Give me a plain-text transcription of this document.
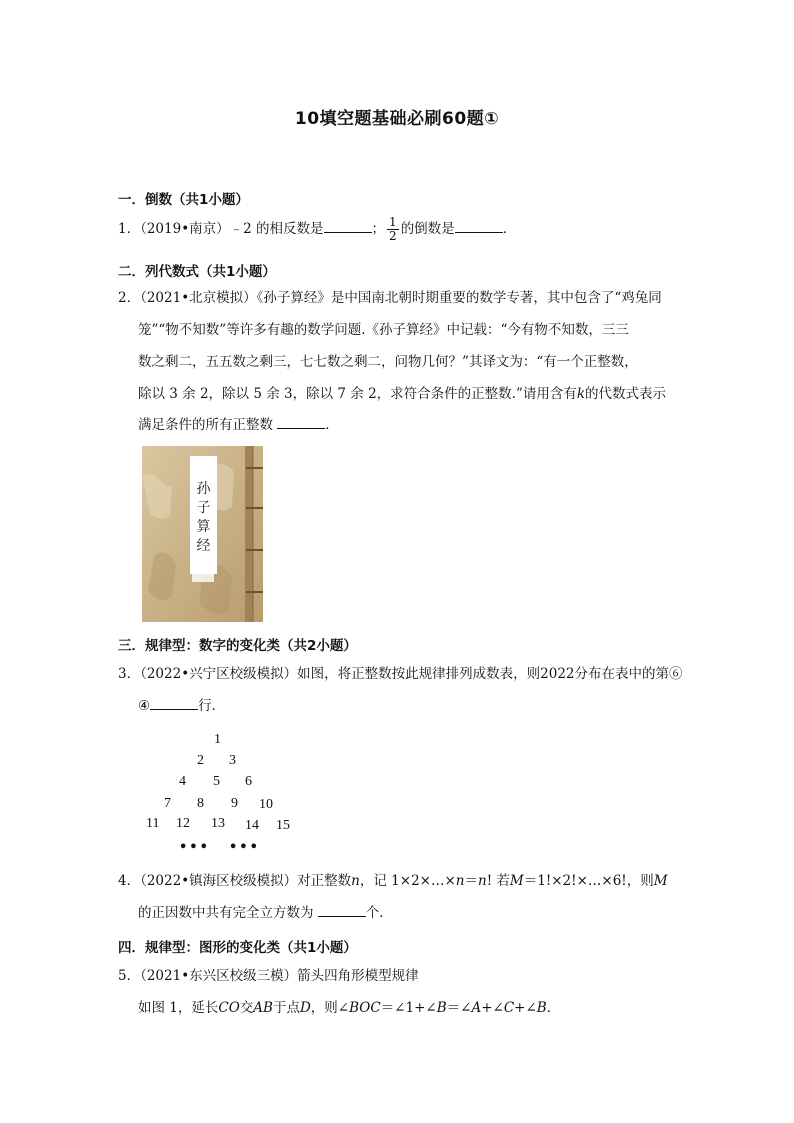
10填空题基础必刷60题①
一．倒数（共1小题）
1．（2019•南京）﹣2 的相反数是	； $\frac{1}{2}$ 的倒数是	．
二．列代数式（共1小题）
2．（2021•北京模拟）《孙子算经》是中国南北朝时期重要的数学专著，其中包含了“鸡兔同
笼”“物不知数”等许多有趣的数学问题.《孙子算经》中记载：“今有物不知数，三三
数之剩二，五五数之剩三，七七数之剩二，问物几何？”其译文为：“有一个正整数，
除以 3 余 2，除以 5 余 3，除以 7 余 2，求符合条件的正整数.”请用含有k的代数式表示
满足条件的所有正整数	．
孙
子
算
经
三．规律型：数字的变化类（共2小题）
3．（2022•兴宁区校级模拟）如图，将正整数按此规律排列成数表，则2022分布在表中的第⑥
④	行．
1
2 3
4 5 6
7 8 9 10
11 12 13 14 15
••• •••
4．（2022•镇海区校级模拟）对正整数n，记 1×2×…×n＝n! 若M＝1!×2!×…×6!，则M
的正因数中共有完全立方数为	个．
四．规律型：图形的变化类（共1小题）
5．（2021•东兴区校级三模）箭头四角形模型规律
如图 1，延长CO交AB于点D，则∠BOC＝∠1+∠B＝∠A+∠C+∠B．
